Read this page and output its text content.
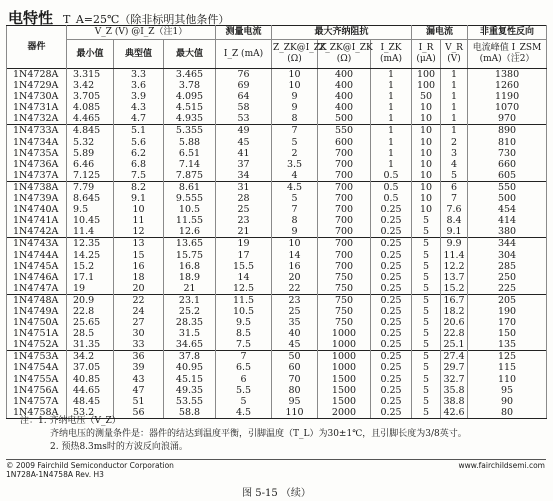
电特性 T_A=25℃（除非标明其他条件）
器件	V_Z (V) @I_Z（注1）			测量电流	最大齐纳阻抗			漏电流		非重复性反向
	最小值	典型值	最大值	I_Z (mA)	Z_ZK@I_ZK (Ω)	Z_ZK@I_ZK (Ω)	I_ZK (mA)	I_R (μA)	V_R (V)	电流峰值 I_ZSM (mA)（注2）
1N4728A	3.315	3.3	3.465	76	10	400	1	100	1	1380
1N4729A	3.42	3.6	3.78	69	10	400	1	100	1	1260
1N4730A	3.705	3.9	4.095	64	9	400	1	50	1	1190
1N4731A	4.085	4.3	4.515	58	9	400	1	10	1	1070
1N4732A	4.465	4.7	4.935	53	8	500	1	10	1	970
1N4733A	4.845	5.1	5.355	49	7	550	1	10	1	890
1N4734A	5.32	5.6	5.88	45	5	600	1	10	2	810
1N4735A	5.89	6.2	6.51	41	2	700	1	10	3	730
1N4736A	6.46	6.8	7.14	37	3.5	700	1	10	4	660
1N4737A	7.125	7.5	7.875	34	4	700	0.5	10	5	605
1N4738A	7.79	8.2	8.61	31	4.5	700	0.5	10	6	550
1N4739A	8.645	9.1	9.555	28	5	700	0.5	10	7	500
1N4740A	9.5	10	10.5	25	7	700	0.25	10	7.6	454
1N4741A	10.45	11	11.55	23	8	700	0.25	5	8.4	414
1N4742A	11.4	12	12.6	21	9	700	0.25	5	9.1	380
1N4743A	12.35	13	13.65	19	10	700	0.25	5	9.9	344
1N4744A	14.25	15	15.75	17	14	700	0.25	5	11.4	304
1N4745A	15.2	16	16.8	15.5	16	700	0.25	5	12.2	285
1N4746A	17.1	18	18.9	14	20	750	0.25	5	13.7	250
1N4747A	19	20	21	12.5	22	750	0.25	5	15.2	225
1N4748A	20.9	22	23.1	11.5	23	750	0.25	5	16.7	205
1N4749A	22.8	24	25.2	10.5	25	750	0.25	5	18.2	190
1N4750A	25.65	27	28.35	9.5	35	750	0.25	5	20.6	170
1N4751A	28.5	30	31.5	8.5	40	1000	0.25	5	22.8	150
1N4752A	31.35	33	34.65	7.5	45	1000	0.25	5	25.1	135
1N4753A	34.2	36	37.8	7	50	1000	0.25	5	27.4	125
1N4754A	37.05	39	40.95	6.5	60	1000	0.25	5	29.7	115
1N4755A	40.85	43	45.15	6	70	1500	0.25	5	32.7	110
1N4756A	44.65	47	49.35	5.5	80	1500	0.25	5	35.8	95
1N4757A	48.45	51	53.55	5	95	1500	0.25	5	38.8	90
1N4758A	53.2	56	58.8	4.5	110	2000	0.25	5	42.6	80
注：1. 齐纳电压（V_Z）
齐纳电压的测量条件是：器件的结达到温度平衡，引脚温度（T_L）为30±1℃，且引脚长度为3/8英寸。
2. 预热8.3ms时的方波反向浪涌。
© 2009 Fairchild Semiconductor Corporation
1N728A-1N4758A Rev. H3
www.fairchildsemi.com
图 5-15 （续）
